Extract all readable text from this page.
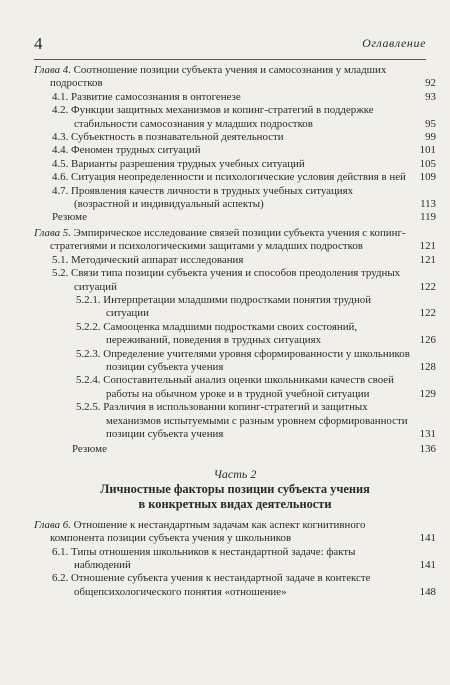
4	Оглавление
Глава 4. Соотношение позиции субъекта учения и самосознания у младших подростков	92
4.1. Развитие самосознания в онтогенезе	93
4.2. Функции защитных механизмов и копинг-стратегий в поддержке стабильности самосознания у младших подростков	95
4.3. Субъектность в познавательной деятельности	99
4.4. Феномен трудных ситуаций	101
4.5. Варианты разрешения трудных учебных ситуаций	105
4.6. Ситуация неопределенности и психологические условия действия в ней	109
4.7. Проявления качеств личности в трудных учебных ситуациях (возрастной и индивидуальный аспекты)	113
Резюме	119
Глава 5. Эмпирическое исследование связей позиции субъекта учения с копинг-стратегиями и психологическими защитами у младших подростков	121
5.1. Методический аппарат исследования	121
5.2. Связи типа позиции субъекта учения и способов преодоления трудных ситуаций	122
5.2.1. Интерпретации младшими подростками понятия трудной ситуации	122
5.2.2. Самооценка младшими подростками своих состояний, переживаний, поведения в трудных ситуациях	126
5.2.3. Определение учителями уровня сформированности у школьников позиции субъекта учения	128
5.2.4. Сопоставительный анализ оценки школьниками качеств своей работы на обычном уроке и в трудной учебной ситуации	129
5.2.5. Различия в использовании копинг-стратегий и защитных механизмов испытуемыми с разным уровнем сформированности позиции субъекта учения	131
Резюме	136
Часть 2
Личностные факторы позиции субъекта учения
в конкретных видах деятельности
Глава 6. Отношение к нестандартным задачам как аспект когнитивного компонента позиции субъекта учения у школьников	141
6.1. Типы отношения школьников к нестандартной задаче: факты наблюдений	141
6.2. Отношение субъекта учения к нестандартной задаче в контексте общепсихологического понятия «отношение»	148
